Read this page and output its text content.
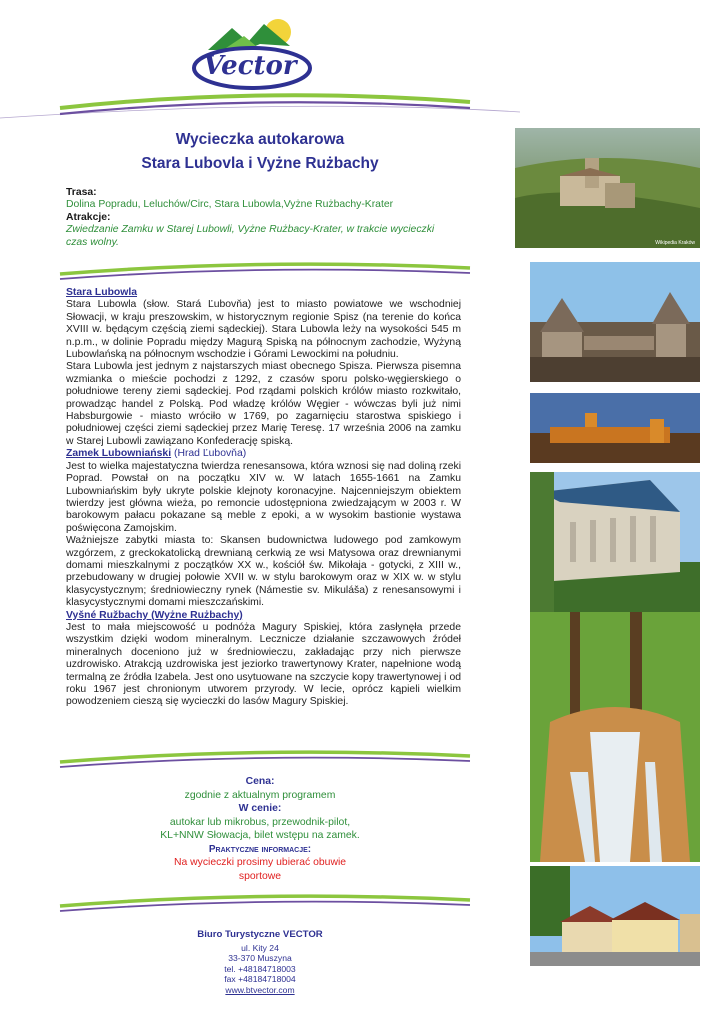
Vector
Wycieczka autokarowa
Stara Lubovla i Vyżne Rużbachy
Trasa:
Dolina Popradu, Leluchów/Circ, Stara Lubowla,Vyżne Rużbachy-Krater
Atrakcje:
Zwiedzanie Zamku w Starej Lubowli, Vyżne Rużbacy-Krater, w trakcie wycieczki czas wolny.
Stara Lubowla

Stara Lubowla (słow. Stará Ľubovňa) jest to miasto powiatowe we wschodniej Słowacji, w kraju preszowskim, w historycznym regionie Spisz (na terenie do końca XVIII w. będącym częścią ziemi sądeckiej). Stara Lubowla leży na wysokości 545 m n.p.m., w dolinie Popradu między Magurą Spiską na północnym zachodzie, Wyżyną Lubowlańską na północnym wschodzie i Górami Lewockimi na południu.

Stara Lubowla jest jednym z najstarszych miast obecnego Spisza. Pierwsza pisemna wzmianka o mieście pochodzi z 1292, z czasów sporu polsko-węgierskiego o południowe tereny ziemi sądeckiej. Pod rządami polskich królów miasto rozkwitało, prowadząc handel z Polską. Pod władzę królów Węgier - wówczas byli już nimi Habsburgowie - miasto wróciło w 1769, po zagarnięciu starostwa spiskiego i południowej części ziemi sądeckiej przez Marię Teresę. 17 września 2006 na zamku w Starej Lubowli zawiązano Konfederację spiską.

Zamek Lubowniański (Hrad Ľubovňa)

Jest to wielka majestatyczna twierdza renesansowa, która wznosi się nad doliną rzeki Poprad. Powstał on na początku XIV w. W latach 1655-1661 na Zamku Lubowniańskim były ukryte polskie klejnoty koronacyjne. Najcenniejszym obiektem twierdzy jest główna wieża, po remoncie udostępniona zwiedzającym w 2003 r. W barokowym pałacu pokazane są meble z epoki, a w wysokim bastionie wystawa poświęcona Zamojskim.

Ważniejsze zabytki miasta to: Skansen budownictwa ludowego pod zamkowym wzgórzem, z greckokatolicką drewnianą cerkwią ze wsi Matysowa oraz drewnianymi domami mieszkalnymi z początków XX w., kościół św. Mikołaja - gotycki, z XIII w., przebudowany w drugiej połowie XVII w. w stylu barokowym oraz w XIX w. w stylu klasycystycznym; średniowieczny rynek (Námestie sv. Mikuláša) z renesansowymi i klasycystycznymi domami mieszczańskimi.

Vyšné Ružbachy (Wyżne Rużbachy)

Jest to mała miejscowość u podnóża Magury Spiskiej, która zasłynęła przede wszystkim dzięki wodom mineralnym. Lecznicze działanie szczawowych źródeł mineralnych doceniono już w średniowieczu, zakładając przy nich pierwsze uzdrowisko. Atrakcją uzdrowiska jest jeziorko trawertynowy Krater, napełnione wodą termalną ze źródła Izabela. Jest ono usytuowane na szczycie kopy trawertynowej i od roku 1967 jest chronionym utworem przyrody. W lecie, oprócz kąpieli wielkim powodzeniem cieszą się wycieczki do lasów Magury Spiskiej.

Cena:
zgodnie z aktualnym programem
W cenie:
autokar lub mikrobus, przewodnik-pilot,
KL+NNW Słowacja, bilet wstępu na zamek.
Praktyczne informacje:
Na wycieczki prosimy ubierać obuwie sportowe
Biuro Turystyczne VECTOR
ul. Kity 24
33-370 Muszyna
tel. +48184718003
fax +48184718004
www.btvector.com
Wikipedia Kraków
